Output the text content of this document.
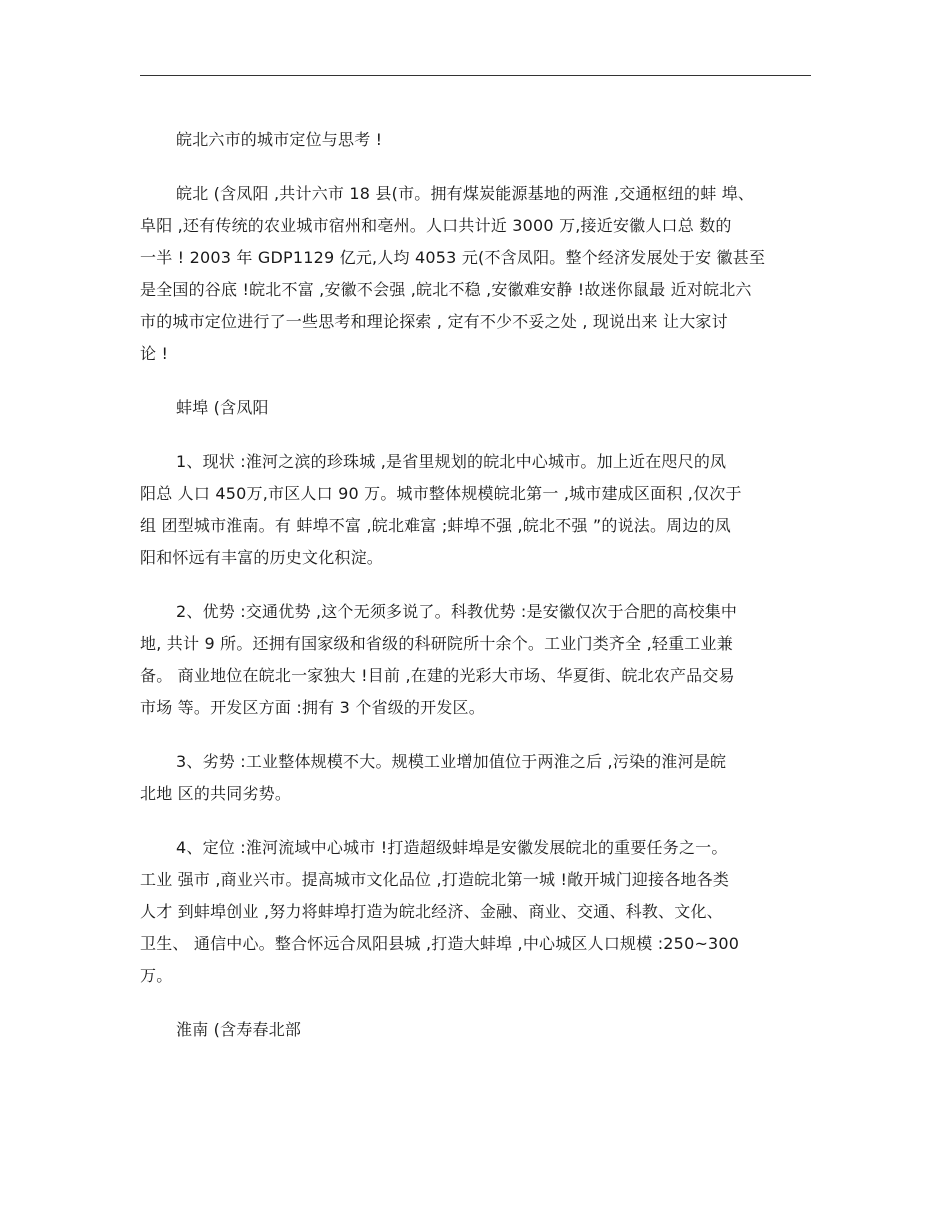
皖北六市的城市定位与思考 !
皖北 (含凤阳 ,共计六市 18 县(市。拥有煤炭能源基地的两淮 ,交通枢纽的蚌 埠、
阜阳 ,还有传统的农业城市宿州和亳州。人口共计近 3000 万,接近安徽人口总 数的
一半 ! 2003 年 GDP1129 亿元,人均 4053 元(不含凤阳。整个经济发展处于安 徽甚至
是全国的谷底 !皖北不富 ,安徽不会强 ,皖北不稳 ,安徽难安静 !故迷你鼠最 近对皖北六
市的城市定位进行了一些思考和理论探索 , 定有不少不妥之处 , 现说出来 让大家讨
论 !
蚌埠 (含凤阳
1、现状 :淮河之滨的珍珠城 ,是省里规划的皖北中心城市。加上近在咫尺的凤
阳总 人口 450万,市区人口 90 万。城市整体规模皖北第一 ,城市建成区面积 ,仅次于
组 团型城市淮南。有 蚌埠不富 ,皖北难富 ;蚌埠不强 ,皖北不强 ”的说法。周边的凤
阳和怀远有丰富的历史文化积淀。
2、优势 :交通优势 ,这个无须多说了。科教优势 :是安徽仅次于合肥的高校集中
地, 共计 9 所。还拥有国家级和省级的科研院所十余个。工业门类齐全 ,轻重工业兼
备。 商业地位在皖北一家独大 !目前 ,在建的光彩大市场、华夏街、皖北农产品交易
市场 等。开发区方面 :拥有 3 个省级的开发区。
3、劣势 :工业整体规模不大。规模工业增加值位于两淮之后 ,污染的淮河是皖
北地 区的共同劣势。
4、定位 :淮河流域中心城市 !打造超级蚌埠是安徽发展皖北的重要任务之一。
工业 强市 ,商业兴市。提高城市文化品位 ,打造皖北第一城 !敞开城门迎接各地各类
人才 到蚌埠创业 ,努力将蚌埠打造为皖北经济、金融、商业、交通、科教、文化、
卫生、 通信中心。整合怀远合凤阳县城 ,打造大蚌埠 ,中心城区人口规模 :250~300
万。
淮南 (含寿春北部
